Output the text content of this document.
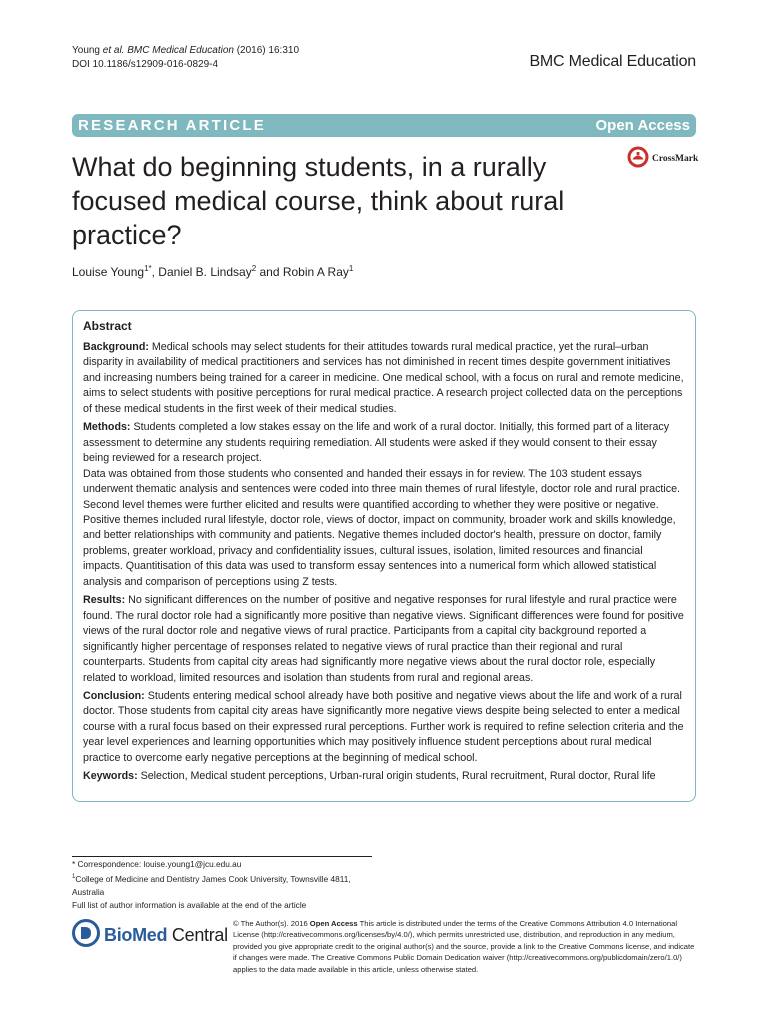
Young et al. BMC Medical Education (2016) 16:310
DOI 10.1186/s12909-016-0829-4	BMC Medical Education
RESEARCH ARTICLE	Open Access
What do beginning students, in a rurally focused medical course, think about rural practice?
CrossMark
Louise Young$^{1*}$, Daniel B. Lindsay$^2$ and Robin A Ray$^1$
Abstract

Background: Medical schools may select students for their attitudes towards rural medical practice, yet the rural–urban disparity in availability of medical practitioners and services has not diminished in recent times despite government initiatives and increasing numbers being trained for a career in medicine. One medical school, with a focus on rural and remote medicine, aims to select students with positive perceptions for rural medical practice. A research project collected data on the perceptions of these medical students in the first week of their medical studies.

Methods: Students completed a low stakes essay on the life and work of a rural doctor. Initially, this formed part of a literacy assessment to determine any students requiring remediation. All students were asked if they would consent to their essay being reviewed for a research project.

Data was obtained from those students who consented and handed their essays in for review. The 103 student essays underwent thematic analysis and sentences were coded into three main themes of rural lifestyle, doctor role and rural practice. Second level themes were further elicited and results were quantified according to whether they were positive or negative. Positive themes included rural lifestyle, doctor role, views of doctor, impact on community, broader work and skills knowledge, and better relationships with community and patients. Negative themes included doctor's health, pressure on doctor, family problems, greater workload, privacy and confidentiality issues, cultural issues, isolation, limited resources and financial impacts. Quantitisation of this data was used to transform essay sentences into a numerical form which allowed statistical analysis and comparison of perceptions using Z tests.

Results: No significant differences on the number of positive and negative responses for rural lifestyle and rural practice were found. The rural doctor role had a significantly more positive than negative views. Significant differences were found for positive views of the rural doctor role and negative views of rural practice. Participants from a capital city background reported a significantly higher percentage of responses related to negative views of rural practice than their regional and rural counterparts. Students from capital city areas had significantly more negative views about the rural doctor role, especially related to workload, limited resources and isolation than students from rural and regional areas.

Conclusion: Students entering medical school already have both positive and negative views about the life and work of a rural doctor. Those students from capital city areas have significantly more negative views despite being selected to enter a medical course with a rural focus based on their expressed rural perceptions. Further work is required to refine selection criteria and the year level experiences and learning opportunities which may positively influence student perceptions about rural medical practice to overcome early negative perceptions at the beginning of medical school.

Keywords: Selection, Medical student perceptions, Urban-rural origin students, Rural recruitment, Rural doctor, Rural life

* Correspondence: louise.young1@jcu.edu.au
$^1$College of Medicine and Dentistry James Cook University, Townsville 4811,
Australia
Full list of author information is available at the end of the article
BioMed Central
© The Author(s). 2016 Open Access This article is distributed under the terms of the Creative Commons Attribution 4.0 International License (http://creativecommons.org/licenses/by/4.0/), which permits unrestricted use, distribution, and reproduction in any medium, provided you give appropriate credit to the original author(s) and the source, provide a link to the Creative Commons license, and indicate if changes were made. The Creative Commons Public Domain Dedication waiver (http://creativecommons.org/publicdomain/zero/1.0/) applies to the data made available in this article, unless otherwise stated.
